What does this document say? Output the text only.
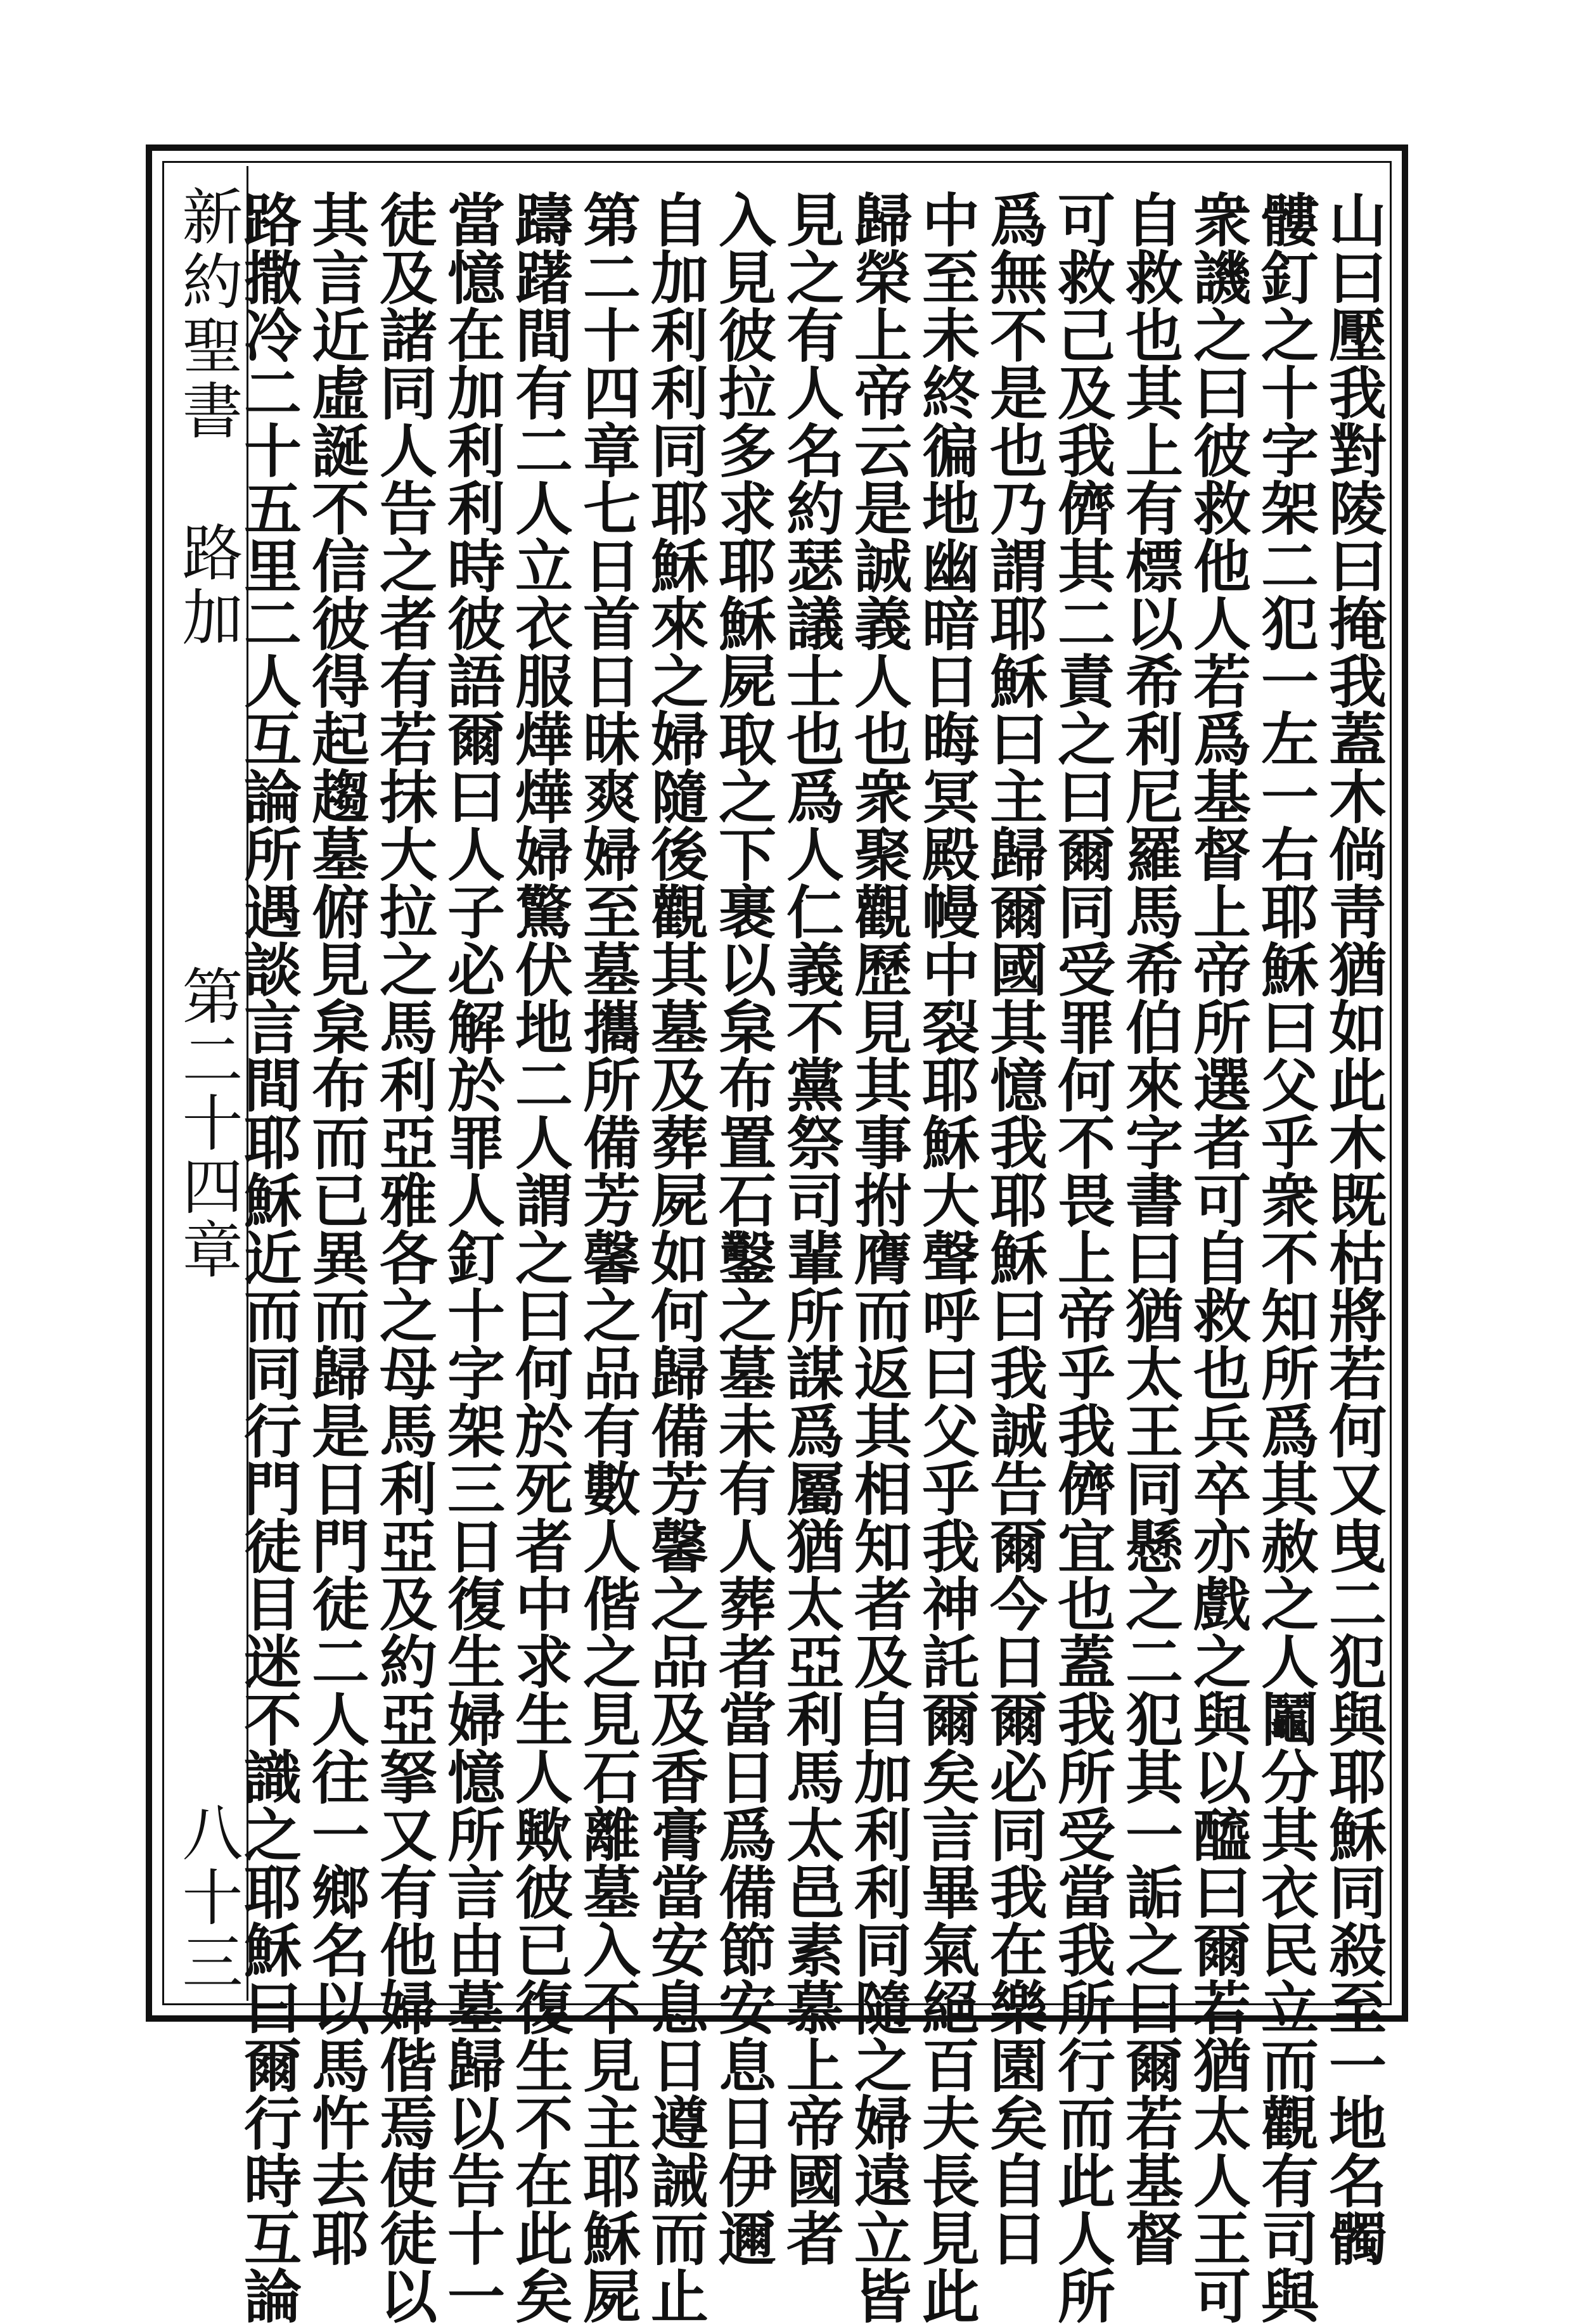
新約聖書
路加
第二十四章
八十三	山曰壓我對陵曰掩我蓋木倘靑猶如此木既枯將若何又曳二犯與耶穌同殺至一地名髑
髏釘之十字架二犯一左一右耶穌曰父乎衆不知所爲其赦之人鬮分其衣民立而觀有司與
衆譏之曰彼救他人若爲基督上帝所選者可自救也兵卒亦戲之與以醯曰爾若猶太人王可
自救也其上有標以希利尼羅馬希伯來字書曰猶太王同懸之二犯其一詬之曰爾若基督
可救己及我儕其二責之曰爾同受罪何不畏上帝乎我儕宜也蓋我所受當我所行而此人所
爲無不是也乃謂耶穌曰主歸爾國其憶我耶穌曰我誠告爾今日爾必同我在樂園矣自日
中至未終徧地幽暗日晦冥殿幔中裂耶穌大聲呼曰父乎我神託爾矣言畢氣絕百夫長見此
歸榮上帝云是誠義人也衆聚觀歷見其事拊膺而返其相知者及自加利利同隨之婦遠立皆
見之有人名約瑟議士也爲人仁義不黨祭司輩所謀爲屬猶太亞利馬太邑素慕上帝國者
入見彼拉多求耶穌屍取之下裹以枲布置石鑿之墓未有人葬者當日爲備節安息日伊邇
自加利利同耶穌來之婦隨後觀其墓及葬屍如何歸備芳馨之品及香膏當安息日遵誡而止
第二十四章七日首日昧爽婦至墓攜所備芳馨之品有數人偕之見石離墓入不見主耶穌屍
躊躇間有二人立衣服燁燁婦驚伏地二人謂之曰何於死者中求生人歟彼已復生不在此矣
當憶在加利利時彼語爾曰人子必解於罪人釘十字架三日復生婦憶所言由墓歸以告十一
徒及諸同人告之者有若抹大拉之馬利亞雅各之母馬利亞及約亞拏又有他婦偕焉使徒以
其言近虛誕不信彼得起趨墓俯見枲布而已異而歸是日門徒二人往一鄉名以馬忤去耶
路撒冷二十五里二人互論所遇談言間耶穌近而同行門徒目迷不識之耶穌曰爾行時互論
